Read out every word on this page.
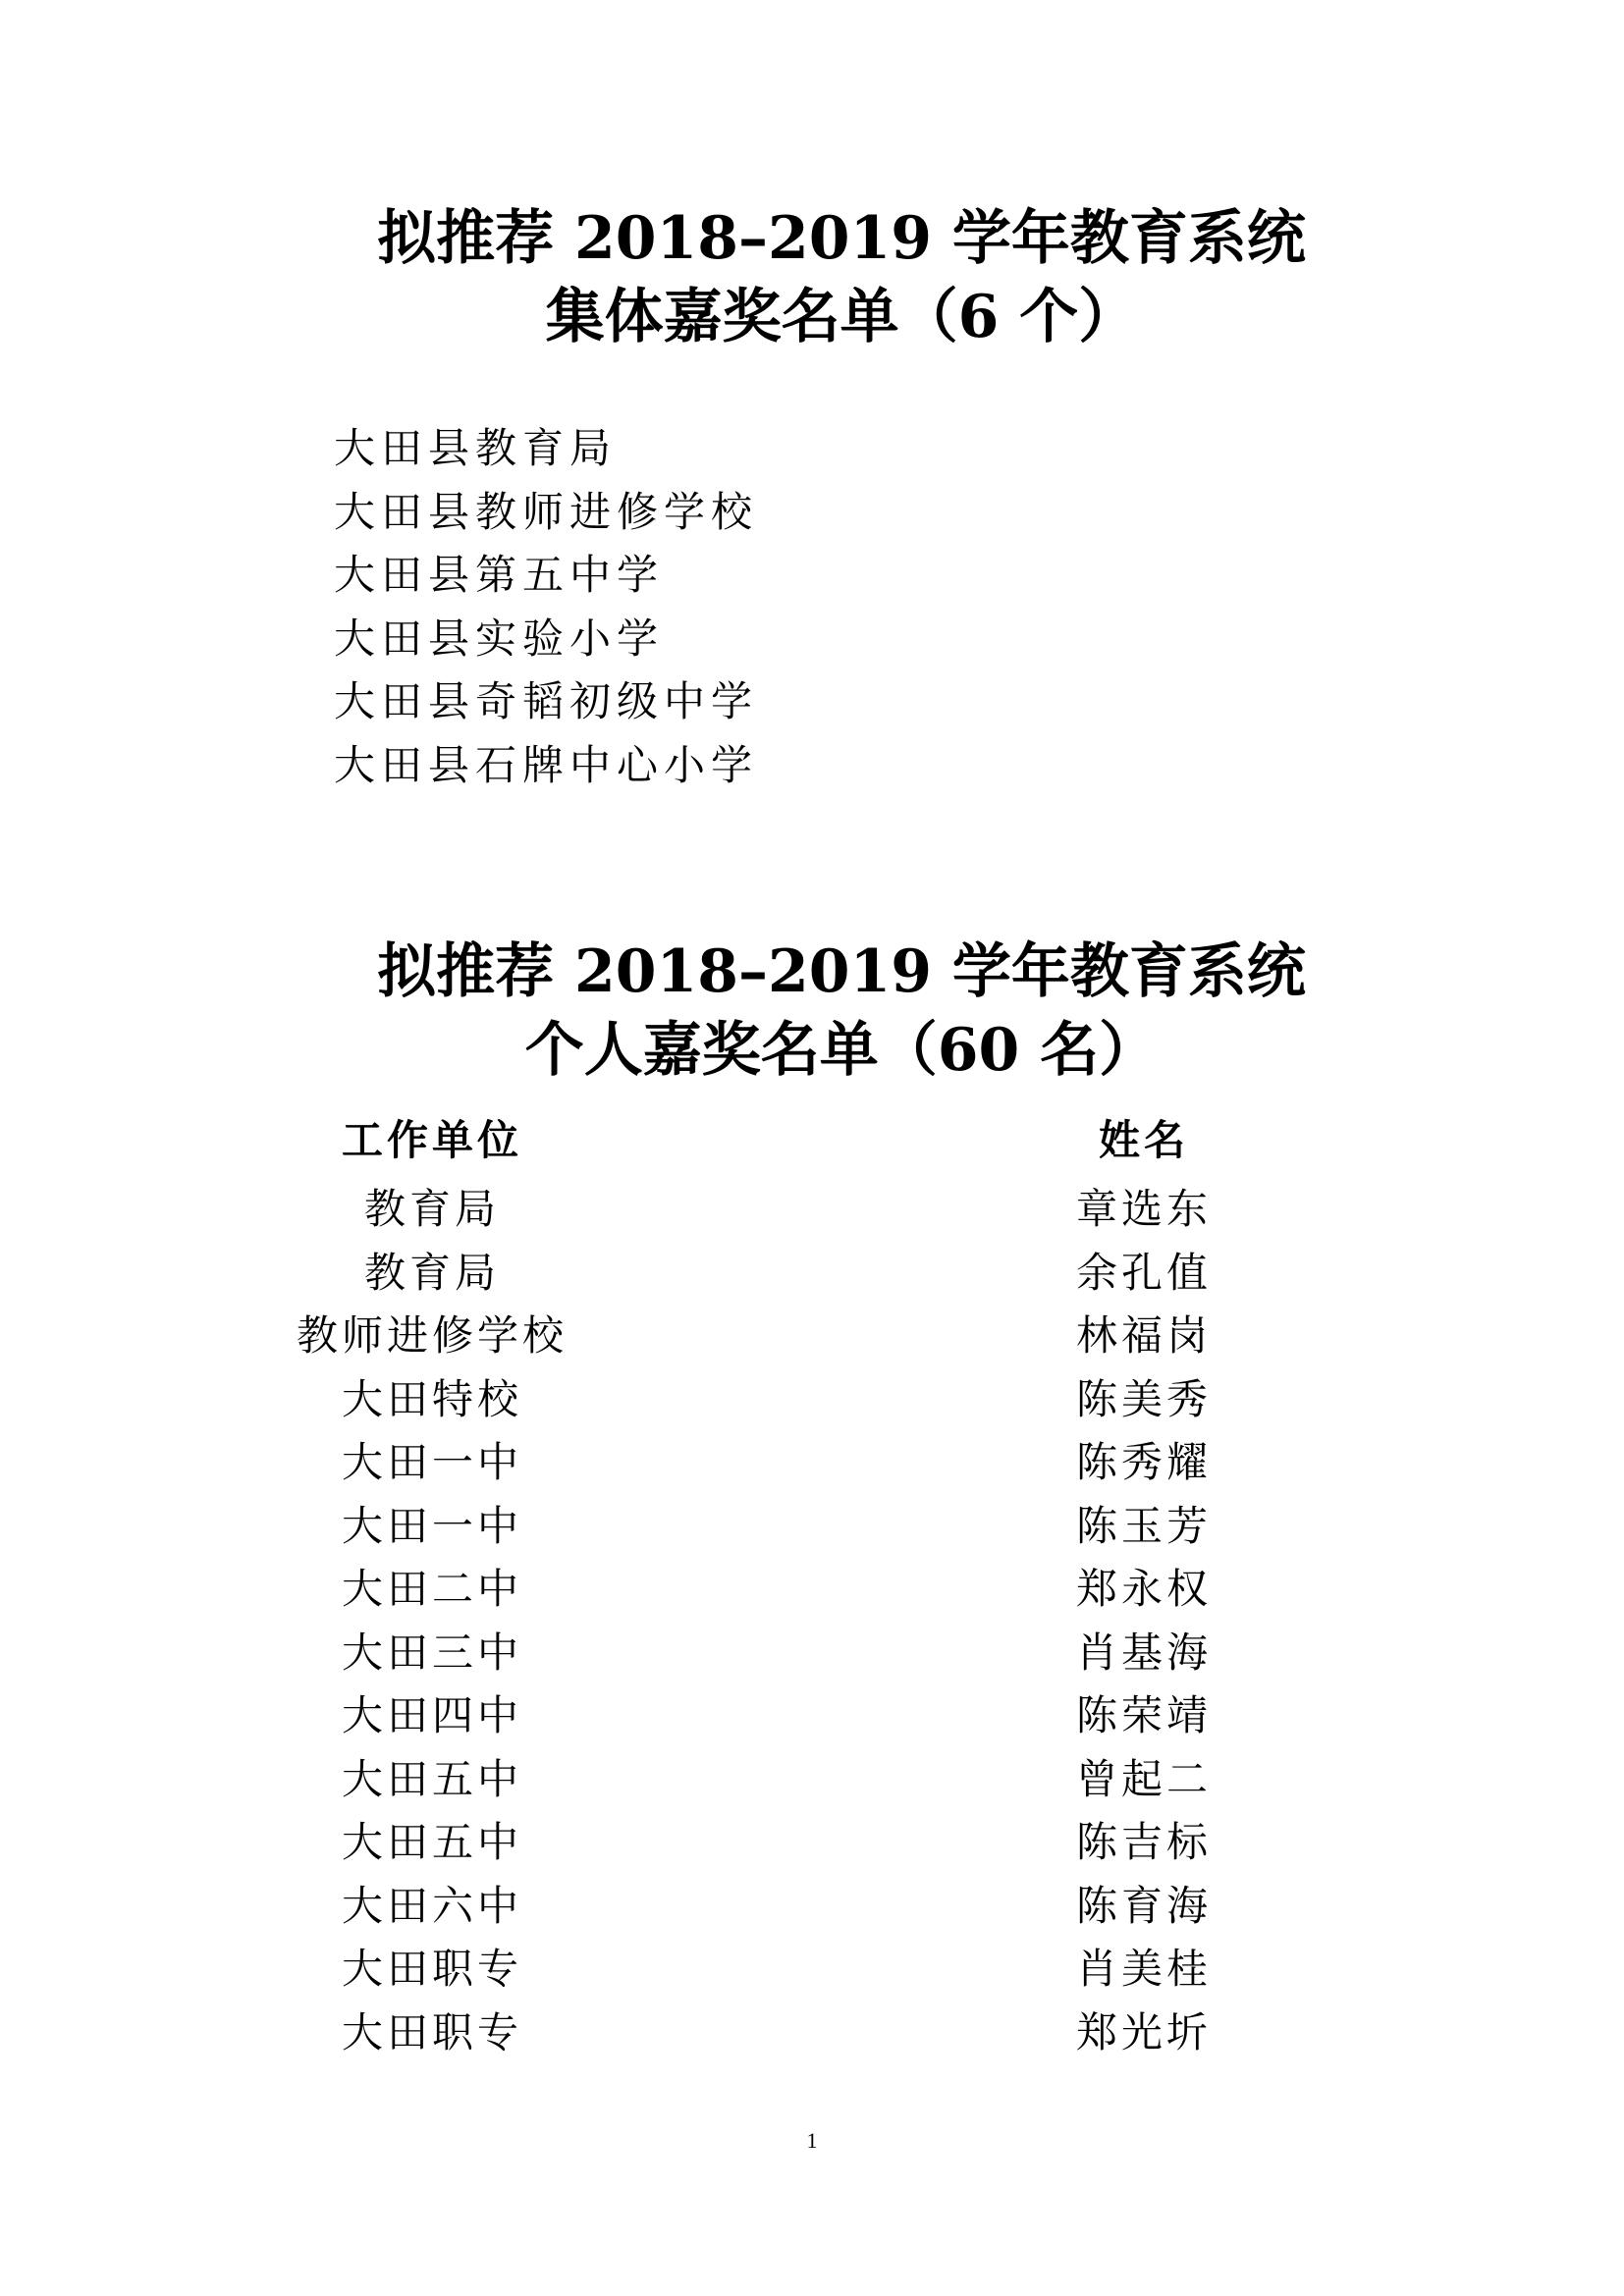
拟推荐 2018–2019 学年教育系统
集体嘉奖名单（6 个）
大田县教育局
大田县教师进修学校
大田县第五中学
大田县实验小学
大田县奇韬初级中学
大田县石牌中心小学
拟推荐 2018–2019 学年教育系统
个人嘉奖名单（60 名）
工作单位	姓名
教育局	章选东
教育局	余孔值
教师进修学校	林福岗
大田特校	陈美秀
大田一中	陈秀耀
大田一中	陈玉芳
大田二中	郑永权
大田三中	肖基海
大田四中	陈荣靖
大田五中	曾起二
大田五中	陈吉标
大田六中	陈育海
大田职专	肖美桂
大田职专	郑光圻
1
